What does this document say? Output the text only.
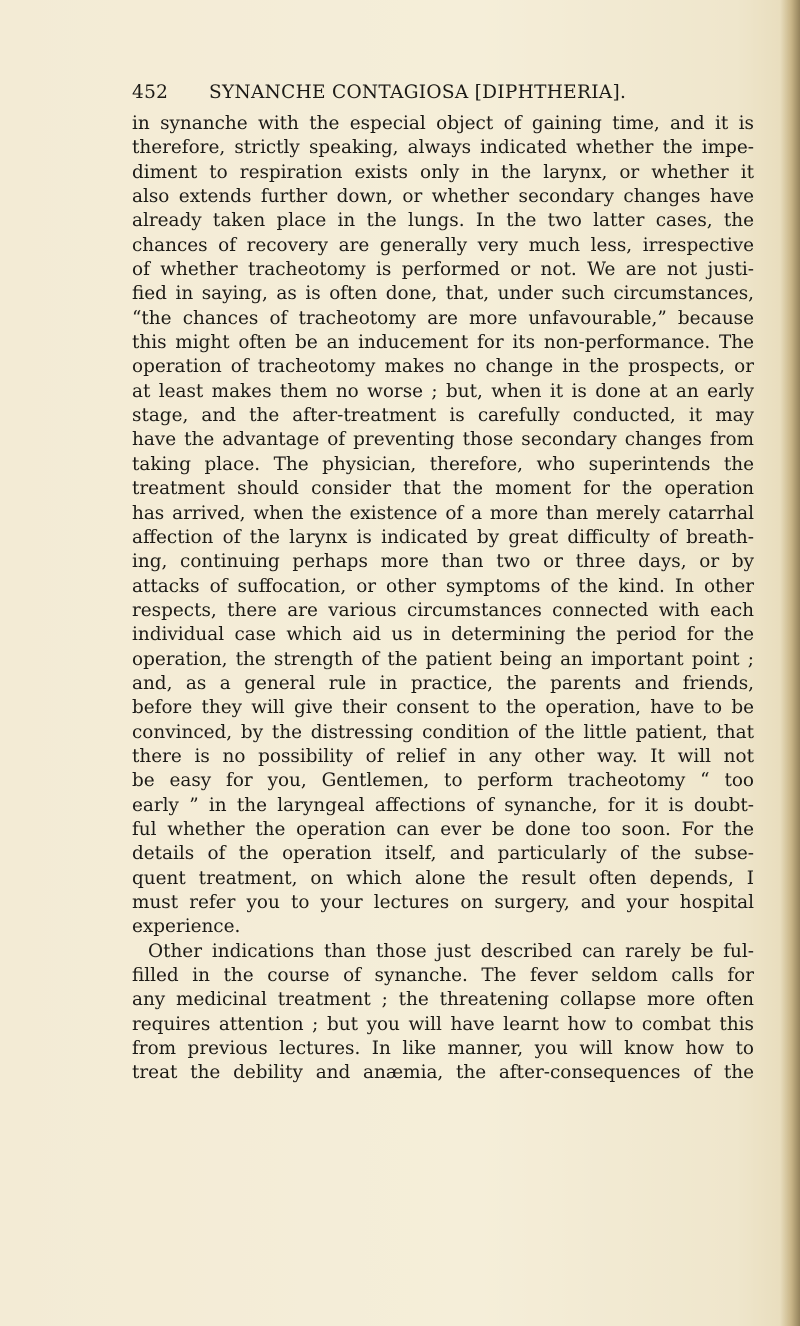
452 SYNANCHE CONTAGIOSA [DIPHTHERIA].
in synanche with the especial object of gaining time, and it is
therefore, strictly speaking, always indicated whether the impe-
diment to respiration exists only in the larynx, or whether it
also extends further down, or whether secondary changes have
already taken place in the lungs. In the two latter cases, the
chances of recovery are generally very much less, irrespective
of whether tracheotomy is performed or not. We are not justi-
fied in saying, as is often done, that, under such circumstances,
“the chances of tracheotomy are more unfavourable,” because
this might often be an inducement for its non-performance. The
operation of tracheotomy makes no change in the prospects, or
at least makes them no worse ; but, when it is done at an early
stage, and the after-treatment is carefully conducted, it may
have the advantage of preventing those secondary changes from
taking place. The physician, therefore, who superintends the
treatment should consider that the moment for the operation
has arrived, when the existence of a more than merely catarrhal
affection of the larynx is indicated by great difficulty of breath-
ing, continuing perhaps more than two or three days, or by
attacks of suffocation, or other symptoms of the kind. In other
respects, there are various circumstances connected with each
individual case which aid us in determining the period for the
operation, the strength of the patient being an important point ;
and, as a general rule in practice, the parents and friends,
before they will give their consent to the operation, have to be
convinced, by the distressing condition of the little patient, that
there is no possibility of relief in any other way. It will not
be easy for you, Gentlemen, to perform tracheotomy “ too
early ” in the laryngeal affections of synanche, for it is doubt-
ful whether the operation can ever be done too soon. For the
details of the operation itself, and particularly of the subse-
quent treatment, on which alone the result often depends, I
must refer you to your lectures on surgery, and your hospital
experience.
Other indications than those just described can rarely be ful-
filled in the course of synanche. The fever seldom calls for
any medicinal treatment ; the threatening collapse more often
requires attention ; but you will have learnt how to combat this
from previous lectures. In like manner, you will know how to
treat the debility and anæmia, the after-consequences of the
